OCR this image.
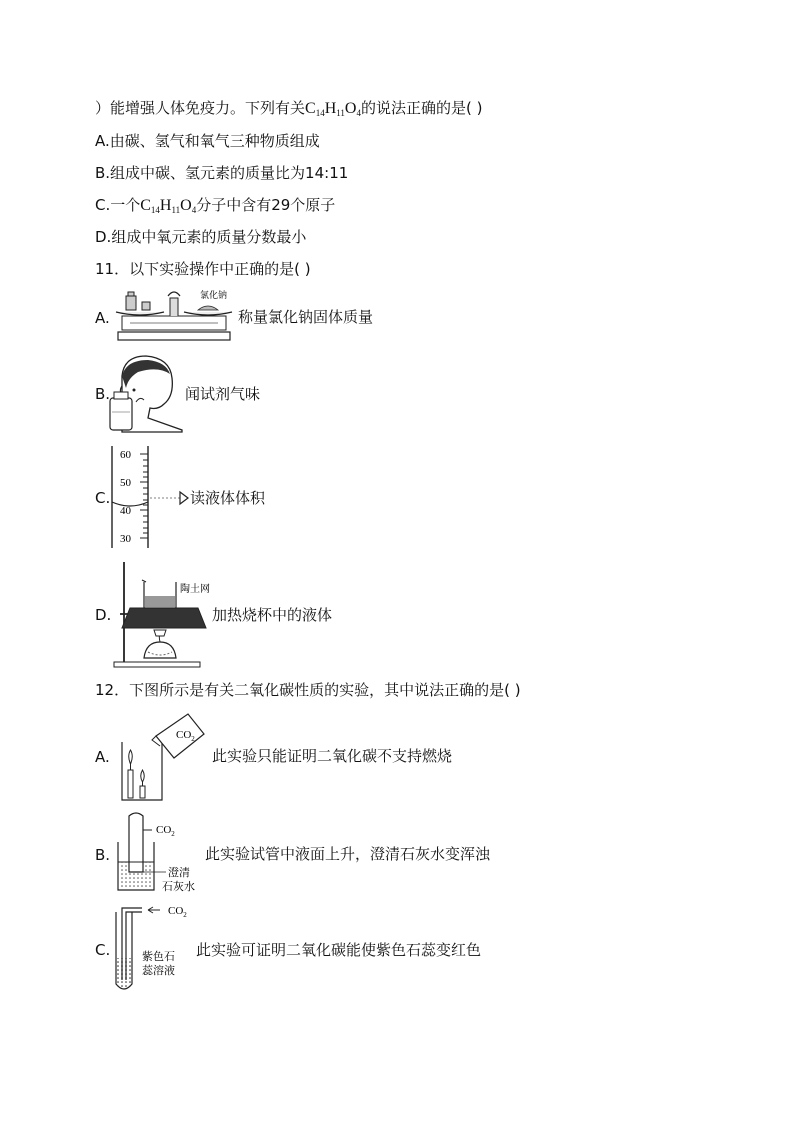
）能增强人体免疫力。下列有关$C_{14}H_{11}O_4$的说法正确的是( )
A.由碳、氢气和氧气三种物质组成
B.组成中碳、氢元素的质量比为14:11
C.一个$C_{14}H_{11}O_4$分子中含有29个原子
D.组成中氧元素的质量分数最小
11．以下实验操作中正确的是( )
A.
氯化钠
称量氯化钠固体质量
B.	闻试剂气味
C.
60
50
40
30
读液体体积
D.
陶土网
加热烧杯中的液体
12．下图所示是有关二氧化碳性质的实验，其中说法正确的是( )
A.
$CO_2$
此实验只能证明二氧化碳不支持燃烧
B.
$CO_2$
澄清
石灰水
此实验试管中液面上升，澄清石灰水变浑浊
C.
$CO_2$
紫色石
蕊溶液
此实验可证明二氧化碳能使紫色石蕊变红色
